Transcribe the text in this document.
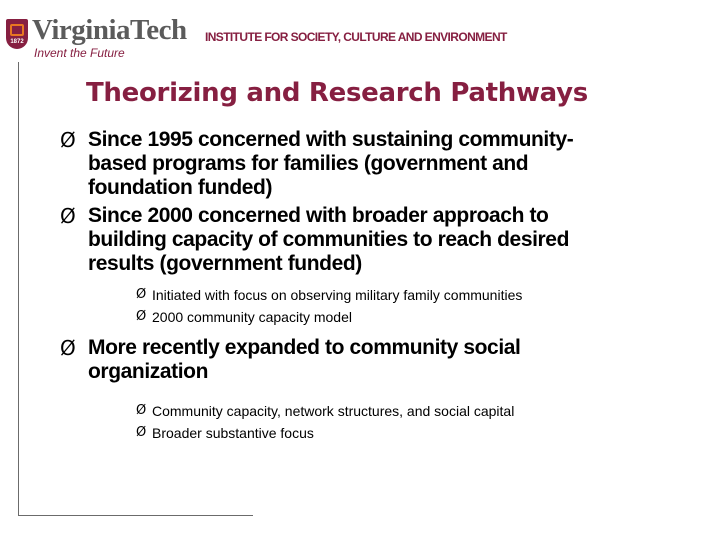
1872 VirginiaTech
Invent the Future
INSTITUTE FOR SOCIETY, CULTURE AND ENVIRONMENT
Theorizing and Research Pathways
Ø Since 1995 concerned with sustaining community-based programs for families (government and foundation funded)
Ø Since 2000 concerned with broader approach to building capacity of communities to reach desired results (government funded)
Ø Initiated with focus on observing military family communities
Ø 2000 community capacity model
Ø More recently expanded to community social organization
Ø Community capacity, network structures, and social capital
Ø Broader substantive focus
